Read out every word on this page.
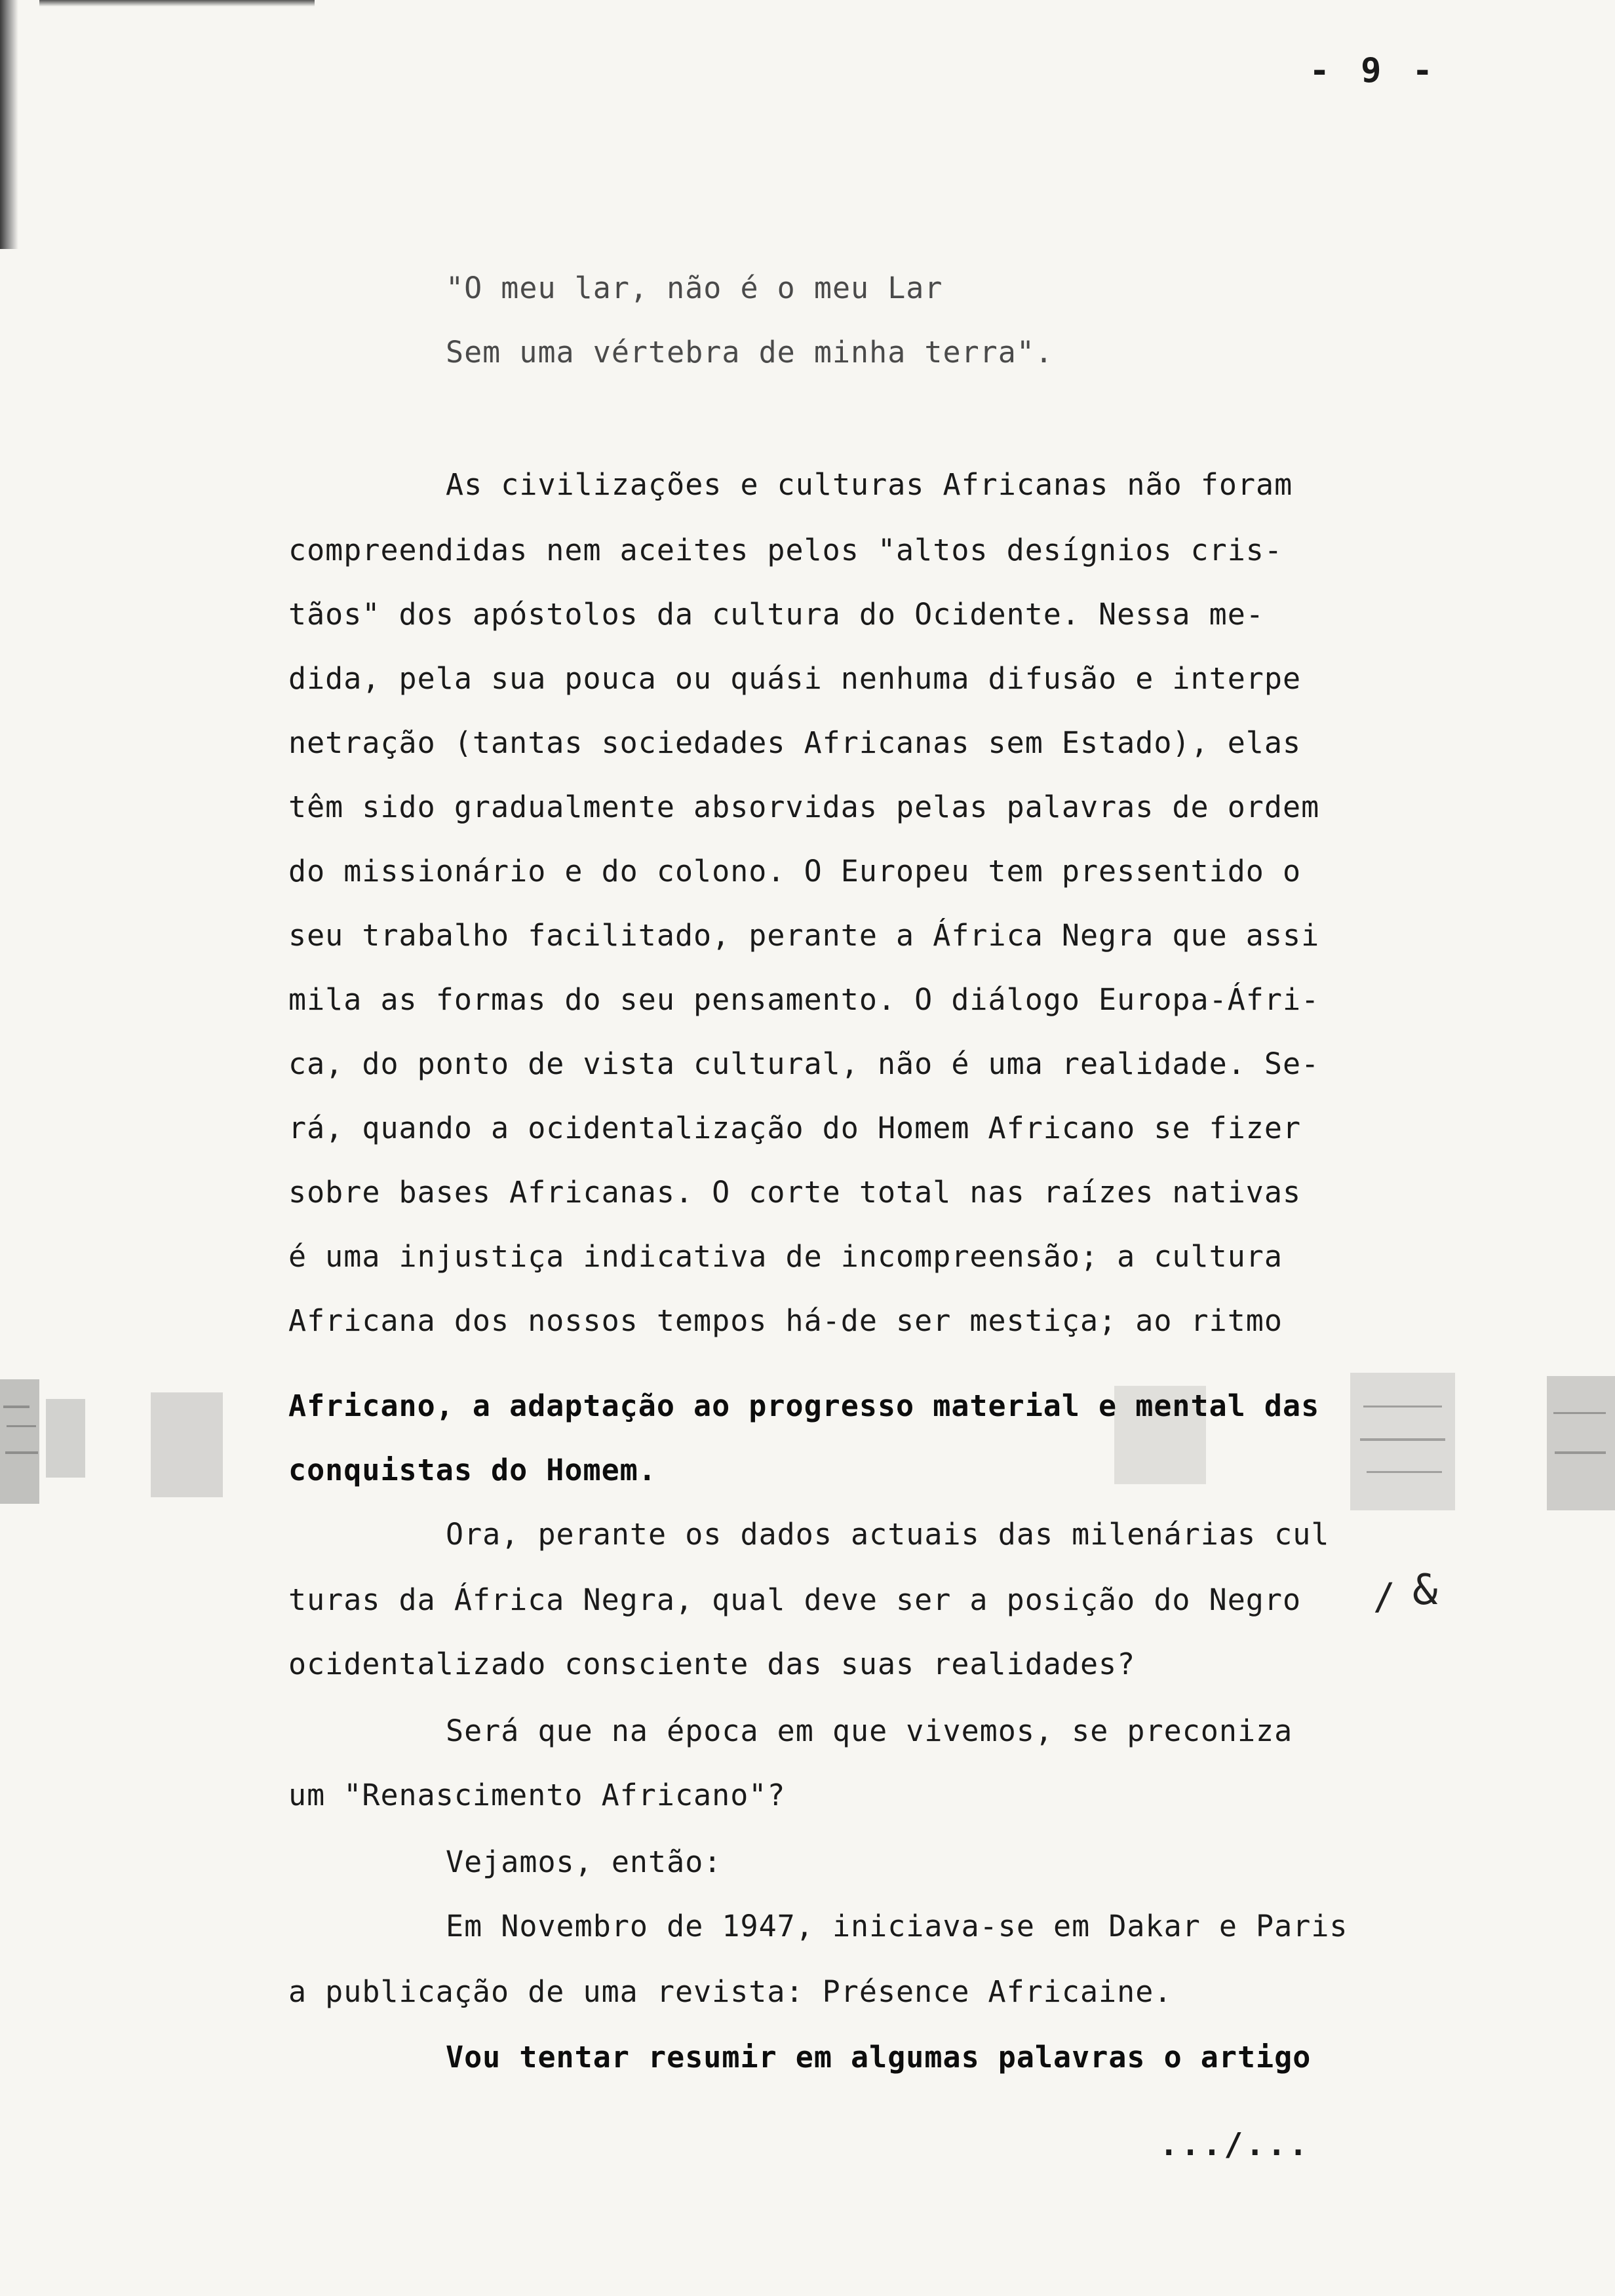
- 9 -
"O meu lar, não é o meu Lar
Sem uma vértebra de minha terra".
As civilizações e culturas Africanas não foram
compreendidas nem aceites pelos "altos desígnios cris-
tãos" dos apóstolos da cultura do Ocidente. Nessa me-
dida, pela sua pouca ou quási nenhuma difusão e interpe
netração (tantas sociedades Africanas sem Estado), elas
têm sido gradualmente absorvidas pelas palavras de ordem
do missionário e do colono. O Europeu tem pressentido o
seu trabalho facilitado, perante a África Negra que assi
mila as formas do seu pensamento. O diálogo Europa-Áfri-
ca, do ponto de vista cultural, não é uma realidade. Se-
rá, quando a ocidentalização do Homem Africano se fizer
sobre bases Africanas. O corte total nas raízes nativas
é uma injustiça indicativa de incompreensão; a cultura
Africana dos nossos tempos há-de ser mestiça; ao ritmo
Africano, a adaptação ao progresso material e mental das
conquistas do Homem.
Ora, perante os dados actuais das milenárias cul
turas da África Negra, qual deve ser a posição do Negro
ocidentalizado consciente das suas realidades?
Será que na época em que vivemos, se preconiza
um "Renascimento Africano"?
Vejamos, então:
Em Novembro de 1947, iniciava-se em Dakar e Paris
a publicação de uma revista: Présence Africaine.
Vou tentar resumir em algumas palavras o artigo
.../...
&
/
